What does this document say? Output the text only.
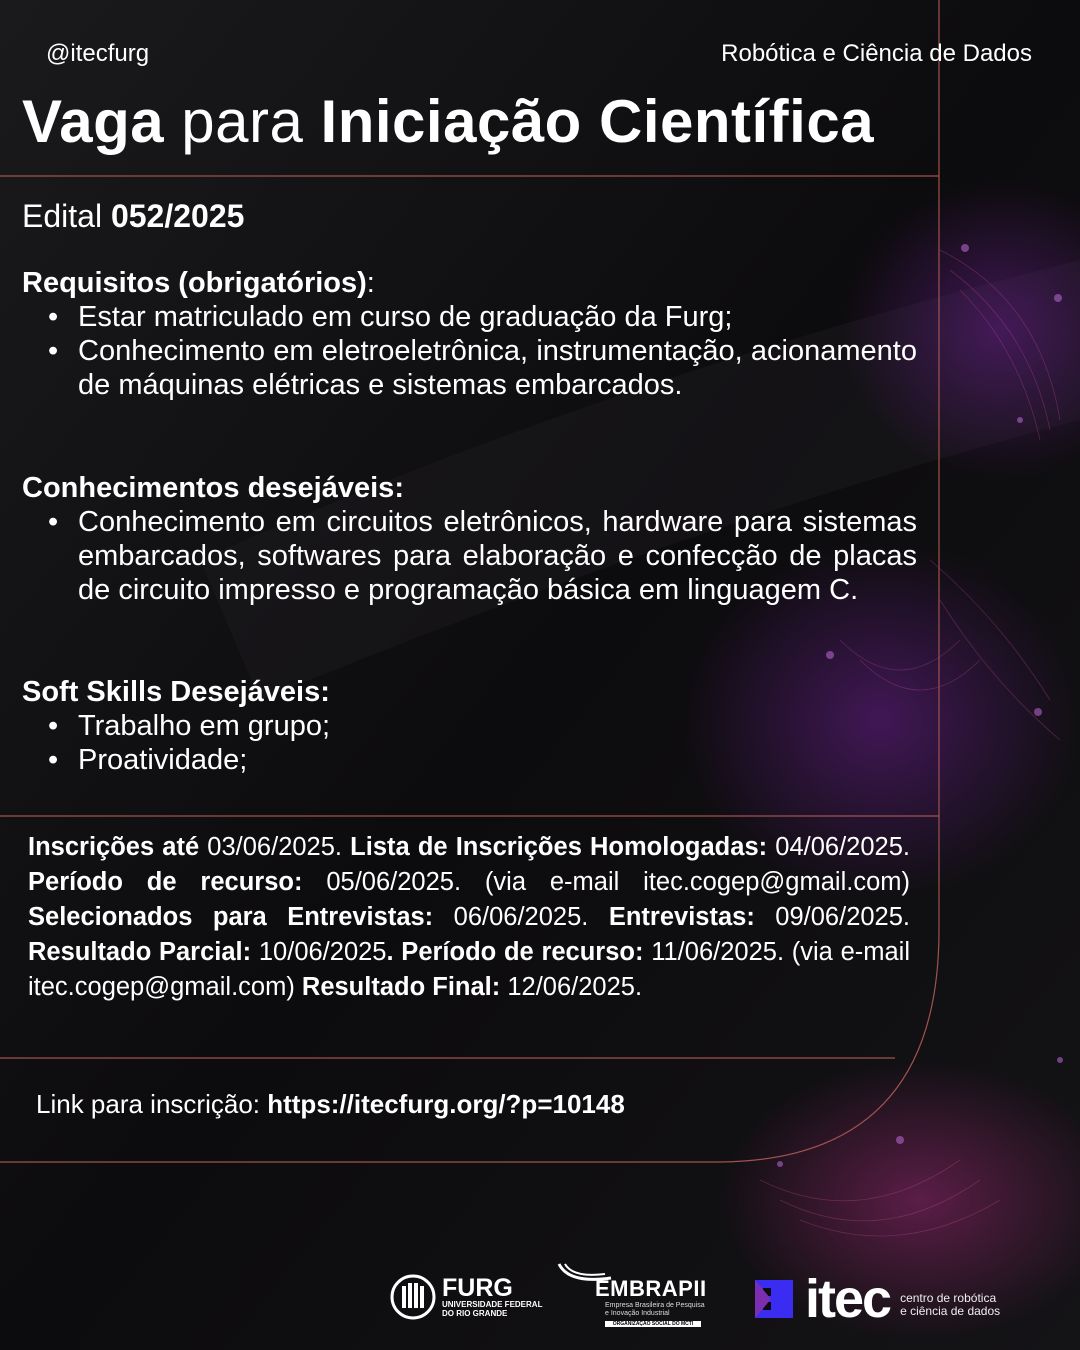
@itecfurg	Robótica e Ciência de Dados
Vaga para Iniciação Científica
Edital 052/2025
Requisitos (obrigatórios):
• Estar matriculado em curso de graduação da Furg;
• Conhecimento em eletroeletrônica, instrumentação, acionamento de máquinas elétricas e sistemas embarcados.
Conhecimentos desejáveis:
• Conhecimento em circuitos eletrônicos, hardware para sistemas embarcados, softwares para elaboração e confecção de placas de circuito impresso e programação básica em linguagem C.
Soft Skills Desejáveis:
• Trabalho em grupo;
• Proatividade;
Inscrições até 03/06/2025. Lista de Inscrições Homologadas: 04/06/2025. Período de recurso: 05/06/2025. (via e-mail itec.cogep@gmail.com) Selecionados para Entrevistas: 06/06/2025. Entrevistas: 09/06/2025. Resultado Parcial: 10/06/2025. Período de recurso: 11/06/2025. (via e-mail itec.cogep@gmail.com) Resultado Final: 12/06/2025.
Link para inscrição: https://itecfurg.org/?p=10148
FURG
UNIVERSIDADE FEDERAL
DO RIO GRANDE
EMBRAPII
Empresa Brasileira de Pesquisa
e Inovação Industrial
ORGANIZAÇÃO SOCIAL DO MCTI itec centro de robótica
e ciência de dados
